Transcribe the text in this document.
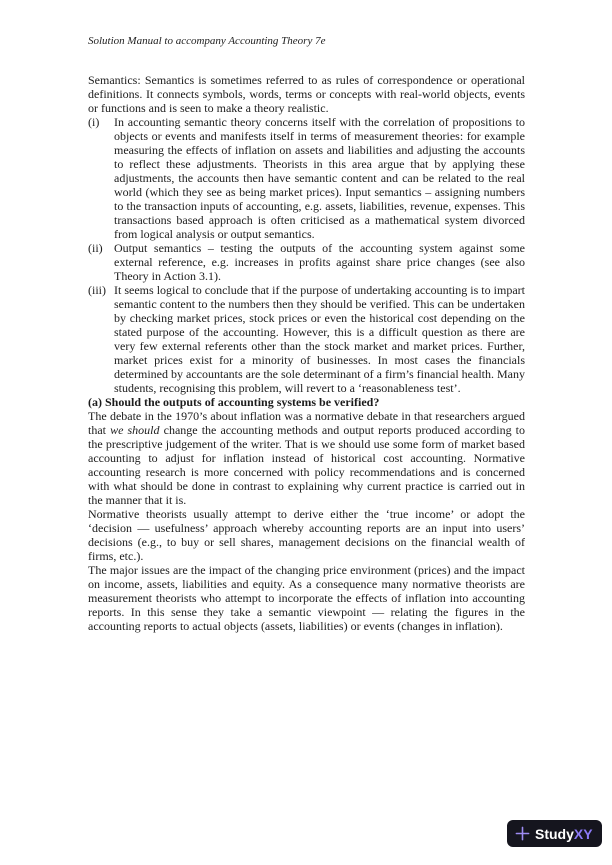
Solution Manual to accompany Accounting Theory 7e

Semantics: Semantics is sometimes referred to as rules of correspondence or operational definitions. It connects symbols, words, terms or concepts with real-world objects, events or functions and is seen to make a theory realistic.

(i) In accounting semantic theory concerns itself with the correlation of propositions to objects or events and manifests itself in terms of measurement theories: for example measuring the effects of inflation on assets and liabilities and adjusting the accounts to reflect these adjustments. Theorists in this area argue that by applying these adjustments, the accounts then have semantic content and can be related to the real world (which they see as being market prices). Input semantics – assigning numbers to the transaction inputs of accounting, e.g. assets, liabilities, revenue, expenses. This transactions based approach is often criticised as a mathematical system divorced from logical analysis or output semantics.
(ii) Output semantics – testing the outputs of the accounting system against some external reference, e.g. increases in profits against share price changes (see also Theory in Action 3.1).
(iii) It seems logical to conclude that if the purpose of undertaking accounting is to impart semantic content to the numbers then they should be verified. This can be undertaken by checking market prices, stock prices or even the historical cost depending on the stated purpose of the accounting. However, this is a difficult question as there are very few external referents other than the stock market and market prices. Further, market prices exist for a minority of businesses. In most cases the financials determined by accountants are the sole determinant of a firm’s financial health. Many students, recognising this problem, will revert to a ‘reasonableness test’.

(a) Should the outputs of accounting systems be verified?

The debate in the 1970’s about inflation was a normative debate in that researchers argued that we should change the accounting methods and output reports produced according to the prescriptive judgement of the writer. That is we should use some form of market based accounting to adjust for inflation instead of historical cost accounting. Normative accounting research is more concerned with policy recommendations and is concerned with what should be done in contrast to explaining why current practice is carried out in the manner that it is.

Normative theorists usually attempt to derive either the ‘true income’ or adopt the ‘decision — usefulness’ approach whereby accounting reports are an input into users’ decisions (e.g., to buy or sell shares, management decisions on the financial wealth of firms, etc.).

The major issues are the impact of the changing price environment (prices) and the impact on income, assets, liabilities and equity. As a consequence many normative theorists are measurement theorists who attempt to incorporate the effects of inflation into accounting reports. In this sense they take a semantic viewpoint — relating the figures in the accounting reports to actual objects (assets, liabilities) or events (changes in inflation).

StudyXY
